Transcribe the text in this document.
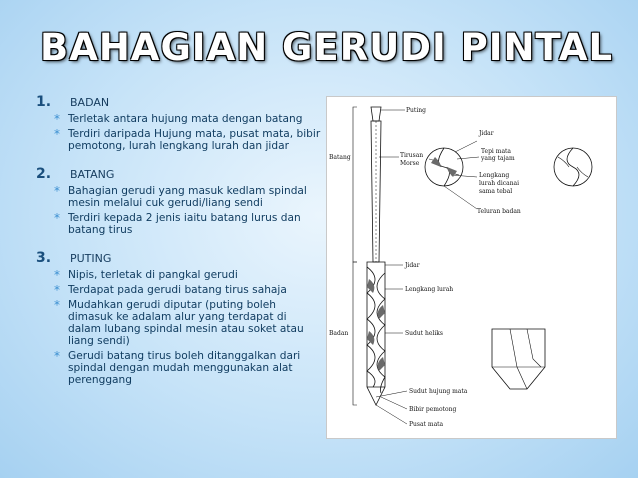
BAHAGIAN GERUDI PINTAL
1.	BADAN
* Terletak antara hujung mata dengan batang
* Terdiri daripada Hujung mata, pusat mata, bibir pemotong, lurah lengkang lurah dan jidar
2.	BATANG
* Bahagian gerudi yang masuk kedlam spindal mesin melalui cuk gerudi/liang sendi
* Terdiri kepada 2 jenis iaitu batang lurus dan batang tirus
3.	PUTING
* Nipis, terletak di pangkal gerudi
* Terdapat pada gerudi batang tirus sahaja
* Mudahkan gerudi diputar (puting boleh dimasuk ke adalam alur yang terdapat di dalam lubang spindal mesin atau soket atau liang sendi)
* Gerudi batang tirus boleh ditanggalkan dari spindal dengan mudah menggunakan alat perenggang
Puting
Batang	Tirusan
Morse
Jidar
Tepi mata
yang tajam
Lengkang
lurah dicanai
sama tebal
Teluran badan
Jidar
Lengkang lurah
Badan	Sudut heliks
Sudut hujung mata
Bibir pemotong
Pusat mata
